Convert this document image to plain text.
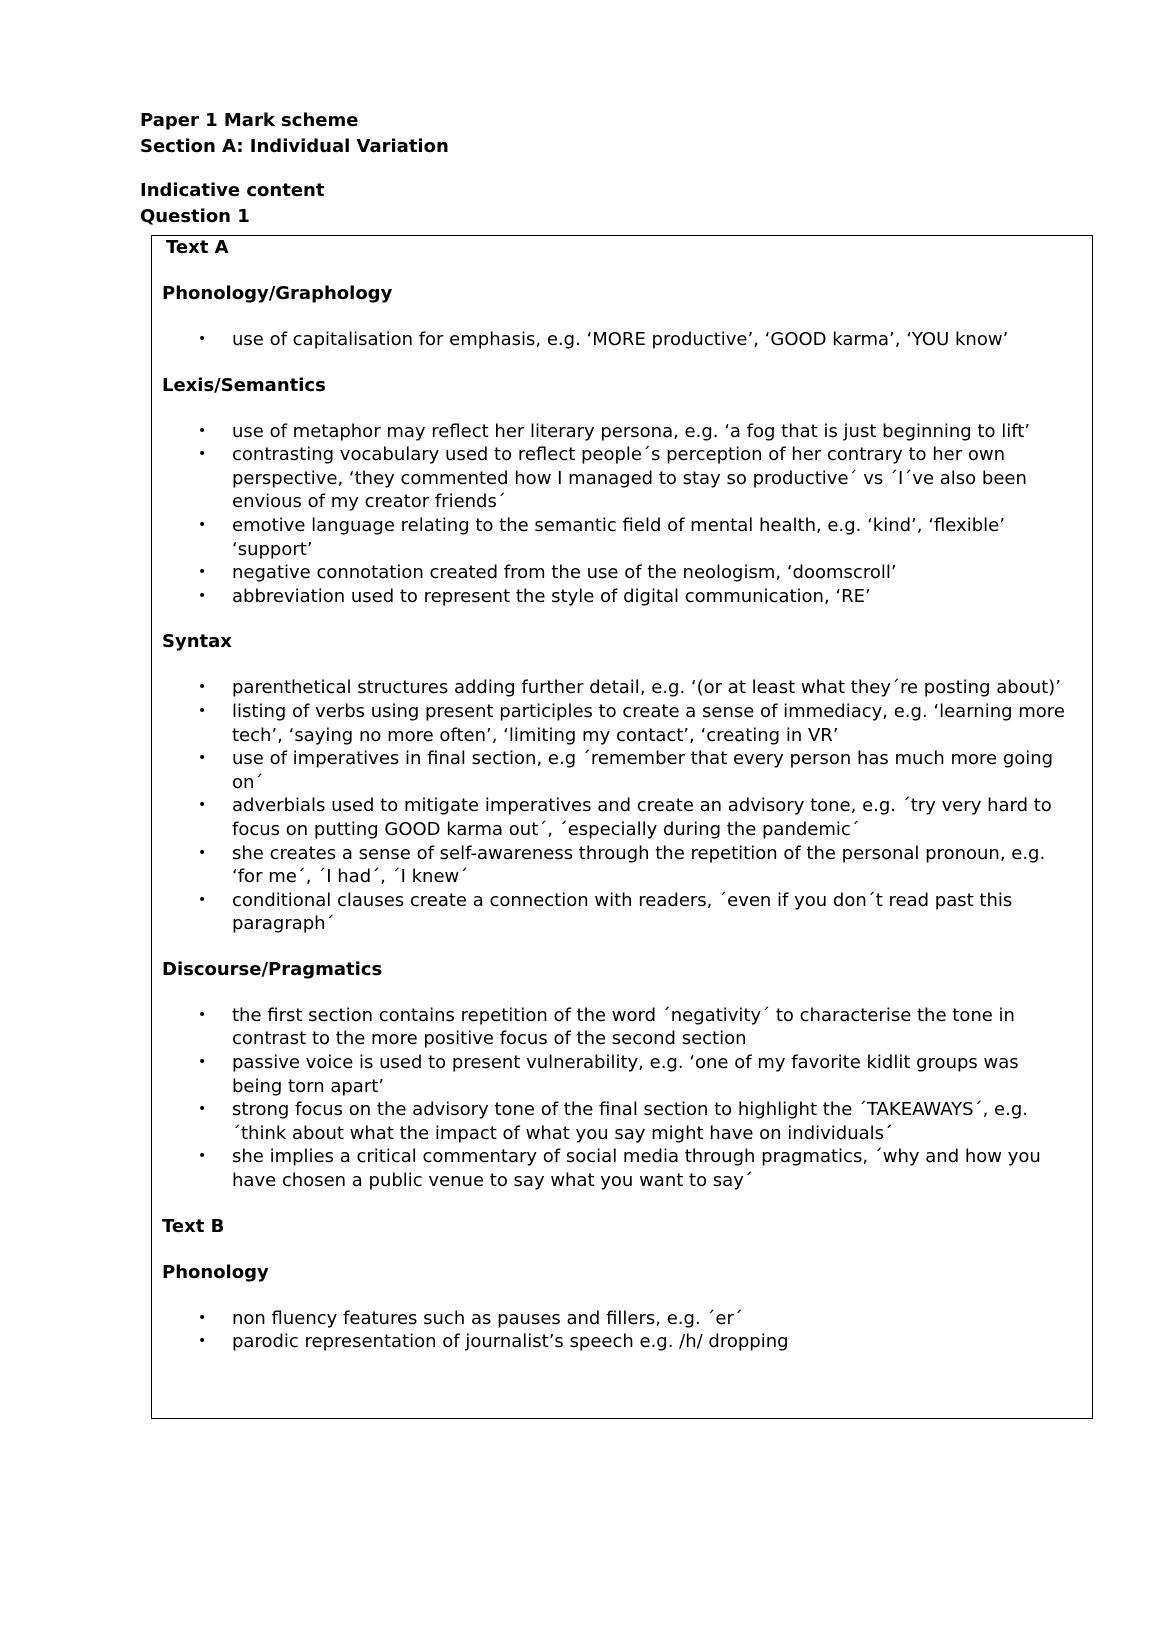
Paper 1 Mark scheme
Section A: Individual Variation
Indicative content
Question 1
Text A
Phonology/Graphology
• use of capitalisation for emphasis, e.g. ‘MORE productive’, ‘GOOD karma’, ‘YOU know’
Lexis/Semantics
• use of metaphor may reflect her literary persona, e.g. ‘a fog that is just beginning to lift’
• contrasting vocabulary used to reflect people´s perception of her contrary to her own perspective, ‘they commented how I managed to stay so productive´ vs ´I´ve also been envious of my creator friends´
• emotive language relating to the semantic field of mental health, e.g. ‘kind’, ‘flexible’ ‘support’
• negative connotation created from the use of the neologism, ‘doomscroll’
• abbreviation used to represent the style of digital communication, ‘RE’
Syntax
• parenthetical structures adding further detail, e.g. ‘(or at least what they´re posting about)’
• listing of verbs using present participles to create a sense of immediacy, e.g. ‘learning more tech’, ‘saying no more often’, ‘limiting my contact’, ‘creating in VR’
• use of imperatives in final section, e.g ´remember that every person has much more going on´
• adverbials used to mitigate imperatives and create an advisory tone, e.g. ´try very hard to focus on putting GOOD karma out´, ´especially during the pandemic´
• she creates a sense of self-awareness through the repetition of the personal pronoun, e.g. ‘for me´, ´I had´, ´I knew´
• conditional clauses create a connection with readers, ´even if you don´t read past this paragraph´
Discourse/Pragmatics
• the first section contains repetition of the word ´negativity´ to characterise the tone in contrast to the more positive focus of the second section
• passive voice is used to present vulnerability, e.g. ‘one of my favorite kidlit groups was being torn apart’
• strong focus on the advisory tone of the final section to highlight the ´TAKEAWAYS´, e.g. ´think about what the impact of what you say might have on individuals´
• she implies a critical commentary of social media through pragmatics, ´why and how you have chosen a public venue to say what you want to say´
Text B
Phonology
• non fluency features such as pauses and fillers, e.g. ´er´
• parodic representation of journalist’s speech e.g. /h/ dropping
